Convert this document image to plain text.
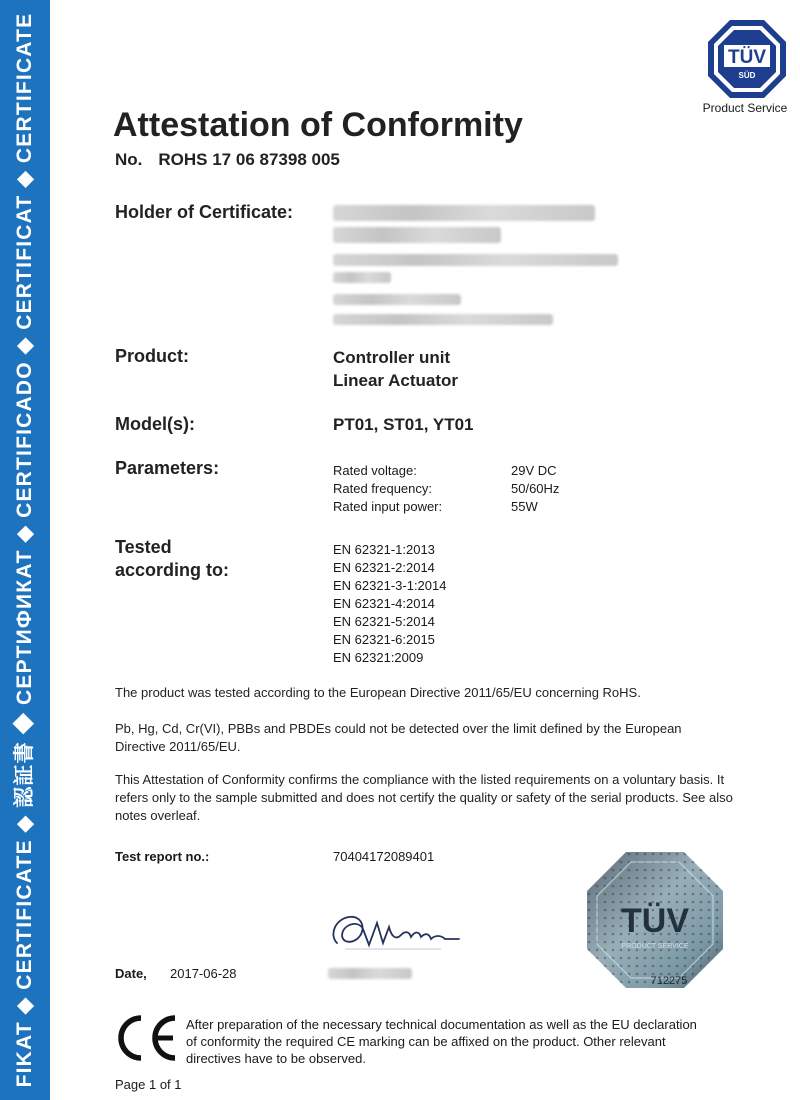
FIKAT ◆ CERTIFICATE ◆ 認証書 ◆ СЕРТИФИКАТ ◆ CERTIFICADO ◆ CERTIFICAT ◆ CERTIFICATE	TÜV
SÜD
Product Service
Attestation of Conformity
No. ROHS 17 06 87398 005
Holder of Certificate:
Product:	Controller unit
Linear Actuator
Model(s):	PT01, ST01, YT01
Parameters:	Rated voltage:	29V DC
Rated frequency:	50/60Hz
Rated input power:	55W
Tested
according to:
EN 62321-1:2013
EN 62321-2:2014
EN 62321-3-1:2014
EN 62321-4:2014
EN 62321-5:2014
EN 62321-6:2015
EN 62321:2009

The product was tested according to the European Directive 2011/65/EU concerning RoHS.

Pb, Hg, Cd, Cr(VI), PBBs and PBDEs could not be detected over the limit defined by the European Directive 2011/65/EU.

This Attestation of Conformity confirms the compliance with the listed requirements on a voluntary basis. It refers only to the sample submitted and does not certify the quality or safety of the serial products. See also notes overleaf.

Test report no.:	70404172089401
Date, 2017-06-28
TÜV
PRODUCT SERVICE
712275

After preparation of the necessary technical documentation as well as the EU declaration of conformity the required CE marking can be affixed on the product. Other relevant directives have to be observed.

Page 1 of 1
